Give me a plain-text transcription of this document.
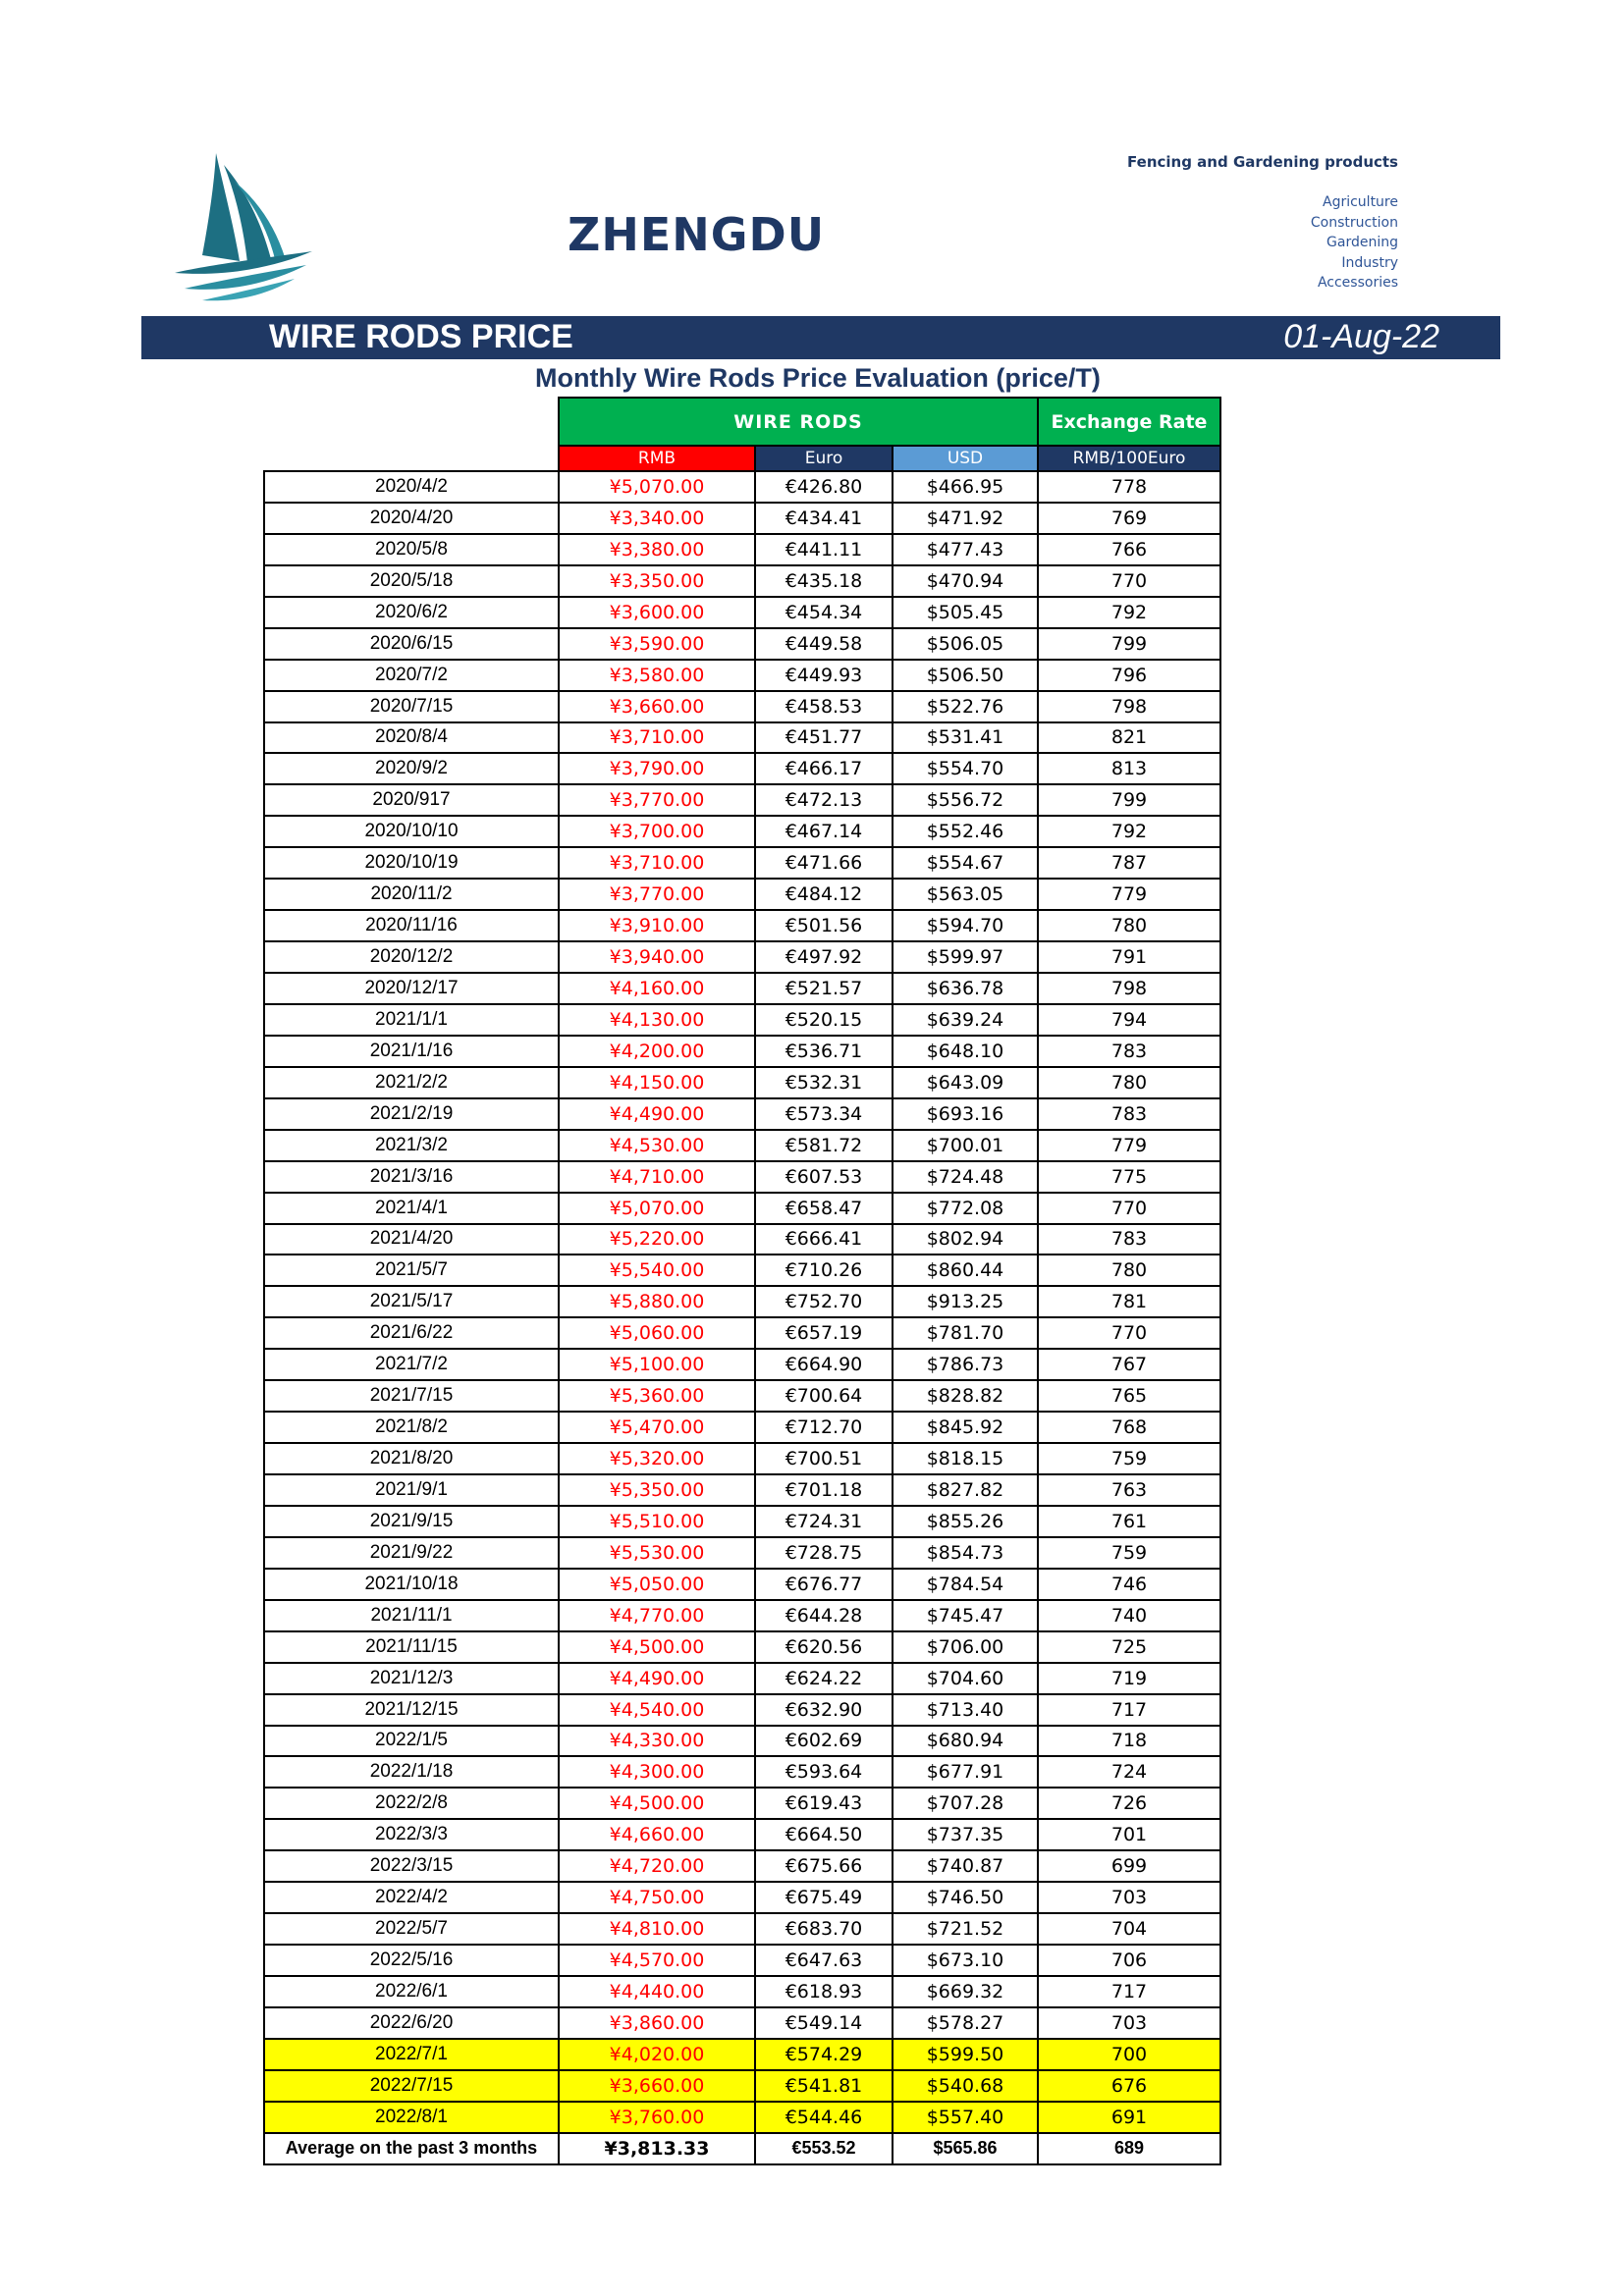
ZHENGDU
Fencing and Gardening products
Agriculture
Construction
Gardening
Industry
Accessories
WIRE RODS PRICE	01-Aug-22
Monthly Wire Rods Price Evaluation (price/T)
	WIRE RODS			Exchange Rate
	RMB	Euro	USD	RMB/100Euro
2020/4/2	¥5,070.00	€426.80	$466.95	778
2020/4/20	¥3,340.00	€434.41	$471.92	769
2020/5/8	¥3,380.00	€441.11	$477.43	766
2020/5/18	¥3,350.00	€435.18	$470.94	770
2020/6/2	¥3,600.00	€454.34	$505.45	792
2020/6/15	¥3,590.00	€449.58	$506.05	799
2020/7/2	¥3,580.00	€449.93	$506.50	796
2020/7/15	¥3,660.00	€458.53	$522.76	798
2020/8/4	¥3,710.00	€451.77	$531.41	821
2020/9/2	¥3,790.00	€466.17	$554.70	813
2020/917	¥3,770.00	€472.13	$556.72	799
2020/10/10	¥3,700.00	€467.14	$552.46	792
2020/10/19	¥3,710.00	€471.66	$554.67	787
2020/11/2	¥3,770.00	€484.12	$563.05	779
2020/11/16	¥3,910.00	€501.56	$594.70	780
2020/12/2	¥3,940.00	€497.92	$599.97	791
2020/12/17	¥4,160.00	€521.57	$636.78	798
2021/1/1	¥4,130.00	€520.15	$639.24	794
2021/1/16	¥4,200.00	€536.71	$648.10	783
2021/2/2	¥4,150.00	€532.31	$643.09	780
2021/2/19	¥4,490.00	€573.34	$693.16	783
2021/3/2	¥4,530.00	€581.72	$700.01	779
2021/3/16	¥4,710.00	€607.53	$724.48	775
2021/4/1	¥5,070.00	€658.47	$772.08	770
2021/4/20	¥5,220.00	€666.41	$802.94	783
2021/5/7	¥5,540.00	€710.26	$860.44	780
2021/5/17	¥5,880.00	€752.70	$913.25	781
2021/6/22	¥5,060.00	€657.19	$781.70	770
2021/7/2	¥5,100.00	€664.90	$786.73	767
2021/7/15	¥5,360.00	€700.64	$828.82	765
2021/8/2	¥5,470.00	€712.70	$845.92	768
2021/8/20	¥5,320.00	€700.51	$818.15	759
2021/9/1	¥5,350.00	€701.18	$827.82	763
2021/9/15	¥5,510.00	€724.31	$855.26	761
2021/9/22	¥5,530.00	€728.75	$854.73	759
2021/10/18	¥5,050.00	€676.77	$784.54	746
2021/11/1	¥4,770.00	€644.28	$745.47	740
2021/11/15	¥4,500.00	€620.56	$706.00	725
2021/12/3	¥4,490.00	€624.22	$704.60	719
2021/12/15	¥4,540.00	€632.90	$713.40	717
2022/1/5	¥4,330.00	€602.69	$680.94	718
2022/1/18	¥4,300.00	€593.64	$677.91	724
2022/2/8	¥4,500.00	€619.43	$707.28	726
2022/3/3	¥4,660.00	€664.50	$737.35	701
2022/3/15	¥4,720.00	€675.66	$740.87	699
2022/4/2	¥4,750.00	€675.49	$746.50	703
2022/5/7	¥4,810.00	€683.70	$721.52	704
2022/5/16	¥4,570.00	€647.63	$673.10	706
2022/6/1	¥4,440.00	€618.93	$669.32	717
2022/6/20	¥3,860.00	€549.14	$578.27	703
2022/7/1	¥4,020.00	€574.29	$599.50	700
2022/7/15	¥3,660.00	€541.81	$540.68	676
2022/8/1	¥3,760.00	€544.46	$557.40	691
Average on the past 3 months	¥3,813.33	€553.52	$565.86	689
